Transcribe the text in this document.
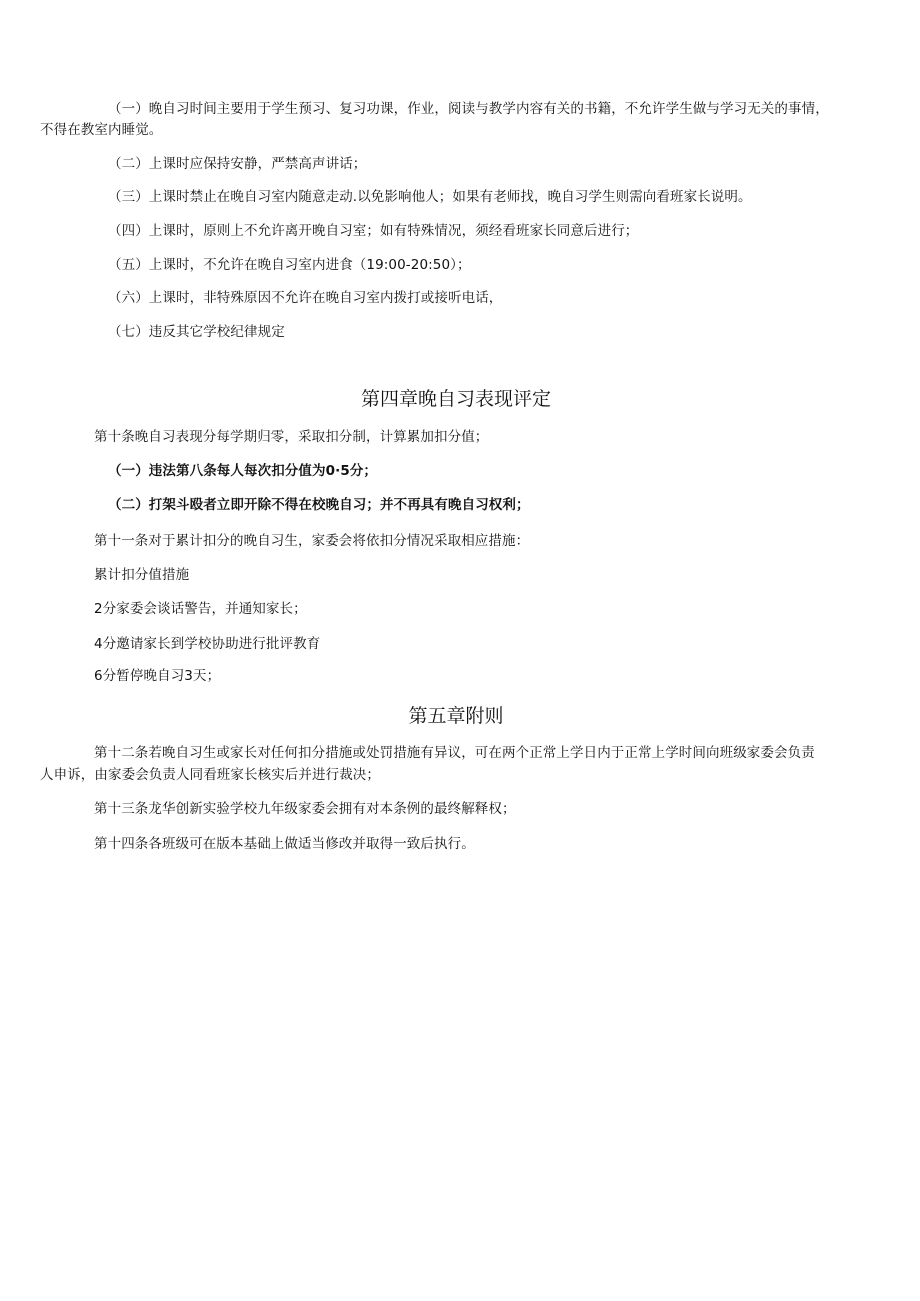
（一）晚自习时间主要用于学生预习、复习功课，作业，阅读与教学内容有关的书籍，不允许学生做与学习无关的事情，
不得在教室内睡觉。
（二）上课时应保持安静，严禁高声讲话；
（三）上课时禁止在晚自习室内随意走动.以免影响他人；如果有老师找，晚自习学生则需向看班家长说明。
（四）上课时，原则上不允许离开晚自习室；如有特殊情况，须经看班家长同意后进行；
（五）上课时，不允许在晚自习室内进食（19:00-20:50）；
（六）上课时，非特殊原因不允许在晚自习室内拨打或接听电话，
（七）违反其它学校纪律规定
第四章晚自习表现评定
第十条晚自习表现分每学期归零，采取扣分制，计算累加扣分值；
（一）违法第八条每人每次扣分值为0·5分；
（二）打架斗殴者立即开除不得在校晚自习；并不再具有晚自习权利；
第十一条对于累计扣分的晚自习生，家委会将依扣分情况采取相应措施：
累计扣分值措施
2分家委会谈话警告，并通知家长；
4分邀请家长到学校协助进行批评教育
6分暂停晚自习3天；
第五章附则
第十二条若晚自习生或家长对任何扣分措施或处罚措施有异议，可在两个正常上学日内于正常上学时间向班级家委会负责
人申诉，由家委会负责人同看班家长核实后并进行裁决；
第十三条龙华创新实验学校九年级家委会拥有对本条例的最终解释权；
第十四条各班级可在版本基础上做适当修改并取得一致后执行。
